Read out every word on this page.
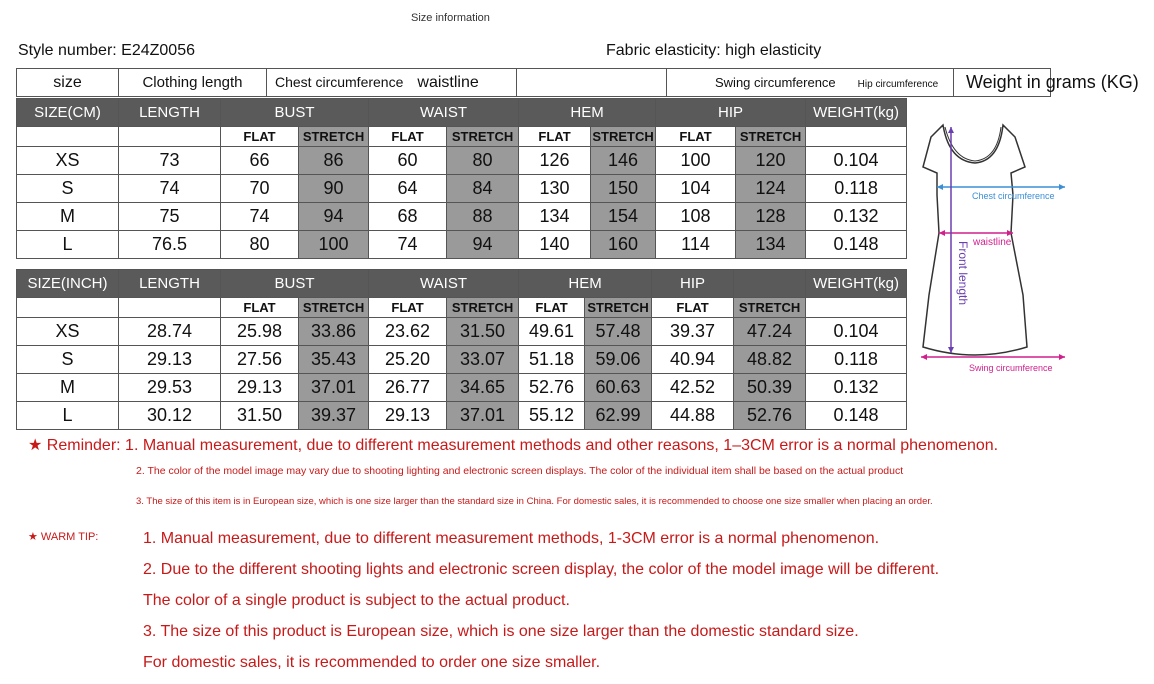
Size information
Style number: E24Z0056	Fabric elasticity: high elasticity
size	Clothing length	Chest circumference waistline		Swing circumference Hip circumference	Weight in grams (KG)	
SIZE(CM)	LENGTH	BUST		WAIST		HEM		HIP		WEIGHT(kg)
		FLAT	STRETCH	FLAT	STRETCH	FLAT	STRETCH	FLAT	STRETCH	
XS	73	66	86	60	80	126	146	100	120	0.104
S	74	70	90	64	84	130	150	104	124	0.118
M	75	74	94	68	88	134	154	108	128	0.132
L	76.5	80	100	74	94	140	160	114	134	0.148
SIZE(INCH)	LENGTH	BUST		WAIST		HEM		HIP		WEIGHT(kg)
		FLAT	STRETCH	FLAT	STRETCH	FLAT	STRETCH	FLAT	STRETCH	
XS	28.74	25.98	33.86	23.62	31.50	49.61	57.48	39.37	47.24	0.104
S	29.13	27.56	35.43	25.20	33.07	51.18	59.06	40.94	48.82	0.118
M	29.53	29.13	37.01	26.77	34.65	52.76	60.63	42.52	50.39	0.132
L	30.12	31.50	39.37	29.13	37.01	55.12	62.99	44.88	52.76	0.148
Chest circumference
waistline
Front length
Swing circumference
★ Reminder: 1. Manual measurement, due to different measurement methods and other reasons, 1–3CM error is a normal phenomenon.
2. The color of the model image may vary due to shooting lighting and electronic screen displays. The color of the individual item shall be based on the actual product
3. The size of this item is in European size, which is one size larger than the standard size in China. For domestic sales, it is recommended to choose one size smaller when placing an order.
★ WARM TIP:	1. Manual measurement, due to different measurement methods, 1-3CM error is a normal phenomenon.
2. Due to the different shooting lights and electronic screen display, the color of the model image will be different.
The color of a single product is subject to the actual product.
3. The size of this product is European size, which is one size larger than the domestic standard size.
For domestic sales, it is recommended to order one size smaller.
